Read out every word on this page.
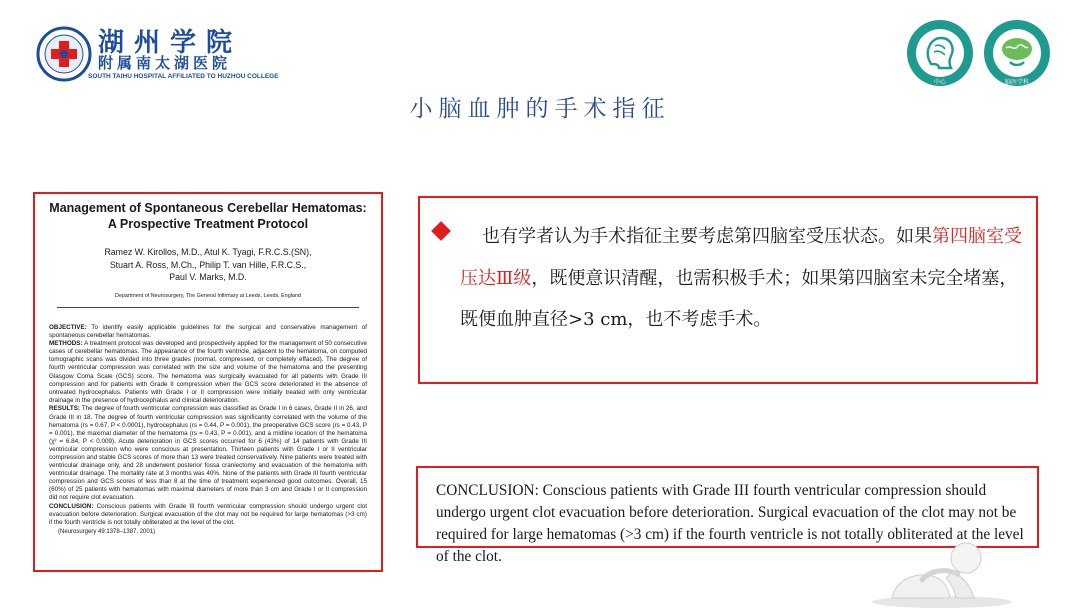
湖州学院
附属南太湖医院
SOUTH TAIHU HOSPITAL AFFILIATED TO HUZHOU COLLEGE
中心	脑医学科
小脑血肿的手术指征
Management of Spontaneous Cerebellar Hematomas:
A Prospective Treatment Protocol
Ramez W. Kirollos, M.D., Atul K. Tyagi, F.R.C.S.(SN),
Stuart A. Ross, M.Ch., Philip T. van Hille, F.R.C.S.,
Paul V. Marks, M.D.
Department of Neurosurgery, The General Infirmary at Leeds, Leeds, England
OBJECTIVE: To identify easily applicable guidelines for the surgical and conservative management of spontaneous cerebellar hematomas.
METHODS: A treatment protocol was developed and prospectively applied for the management of 50 consecutive cases of cerebellar hematomas. The appearance of the fourth ventricle, adjacent to the hematoma, on computed tomographic scans was divided into three grades (normal, compressed, or completely effaced). The degree of fourth ventricular compression was correlated with the size and volume of the hematoma and the presenting Glasgow Coma Scale (GCS) score. The hematoma was surgically evacuated for all patients with Grade III compression and for patients with Grade II compression when the GCS score deteriorated in the absence of untreated hydrocephalus. Patients with Grade I or II compression were initially treated with only ventricular drainage in the presence of hydrocephalus and clinical deterioration.
RESULTS: The degree of fourth ventricular compression was classified as Grade I in 6 cases, Grade II in 26, and Grade III in 18. The degree of fourth ventricular compression was significantly correlated with the volume of the hematoma (rs = 0.67, P < 0.0001), hydrocephalus (rs = 0.44, P = 0.001), the preoperative GCS score (rs = 0.43, P = 0.001), the maximal diameter of the hematoma (rs = 0.43, P = 0.001), and a midline location of the hematoma (χ² = 6.84, P < 0.009). Acute deterioration in GCS scores occurred for 6 (43%) of 14 patients with Grade III ventricular compression who were conscious at presentation. Thirteen patients with Grade I or II ventricular compression and stable GCS scores of more than 13 were treated conservatively. Nine patients were treated with ventricular drainage only, and 28 underwent posterior fossa craniectomy and evacuation of the hematoma with ventricular drainage. The mortality rate at 3 months was 40%. None of the patients with Grade III fourth ventricular compression and GCS scores of less than 8 at the time of treatment experienced good outcomes. Overall, 15 (60%) of 25 patients with hematomas with maximal diameters of more than 3 cm and Grade I or II compression did not require clot evacuation.
CONCLUSION: Conscious patients with Grade III fourth ventricular compression should undergo urgent clot evacuation before deterioration. Surgical evacuation of the clot may not be required for large hematomas (>3 cm) if the fourth ventricle is not totally obliterated at the level of the clot.
(Neurosurgery 49:1378–1387, 2001)
也有学者认为手术指征主要考虑第四脑室受压状态。如果第四脑室受压达Ⅲ级，既便意识清醒，也需积极手术；如果第四脑室未完全堵塞，既便血肿直径>3 cm，也不考虑手术。
CONCLUSION: Conscious patients with Grade III fourth ventricular compression should undergo urgent clot evacuation before deterioration. Surgical evacuation of the clot may not be required for large hematomas (>3 cm) if the fourth ventricle is not totally obliterated at the level of the clot.
